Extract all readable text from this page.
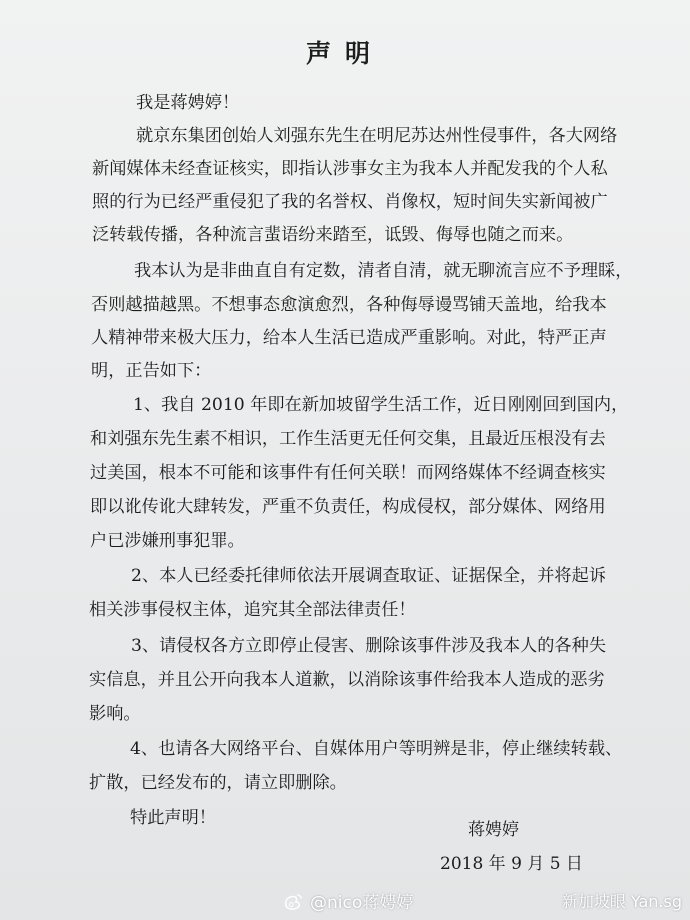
声明
我是蒋娉婷！
就京东集团创始人刘强东先生在明尼苏达州性侵事件，各大网络
新闻媒体未经查证核实，即指认涉事女主为我本人并配发我的个人私
照的行为已经严重侵犯了我的名誉权、肖像权，短时间失实新闻被广
泛转载传播，各种流言蜚语纷来踏至，诋毁、侮辱也随之而来。
我本认为是非曲直自有定数，清者自清，就无聊流言应不予理睬，
否则越描越黑。不想事态愈演愈烈，各种侮辱谩骂铺天盖地，给我本
人精神带来极大压力，给本人生活已造成严重影响。对此，特严正声
明，正告如下：
1、我自 2010 年即在新加坡留学生活工作，近日刚刚回到国内，
和刘强东先生素不相识，工作生活更无任何交集，且最近压根没有去
过美国，根本不可能和该事件有任何关联！而网络媒体不经调查核实
即以讹传讹大肆转发，严重不负责任，构成侵权，部分媒体、网络用
户已涉嫌刑事犯罪。
2、本人已经委托律师依法开展调查取证、证据保全，并将起诉
相关涉事侵权主体，追究其全部法律责任！
3、请侵权各方立即停止侵害、删除该事件涉及我本人的各种失
实信息，并且公开向我本人道歉，以消除该事件给我本人造成的恶劣
影响。
4、也请各大网络平台、自媒体用户等明辨是非，停止继续转载、
扩散，已经发布的，请立即删除。
特此声明！
蒋娉婷
2018 年 9 月 5 日
@nico蒋娉婷	新加坡眼 Yan.sg
